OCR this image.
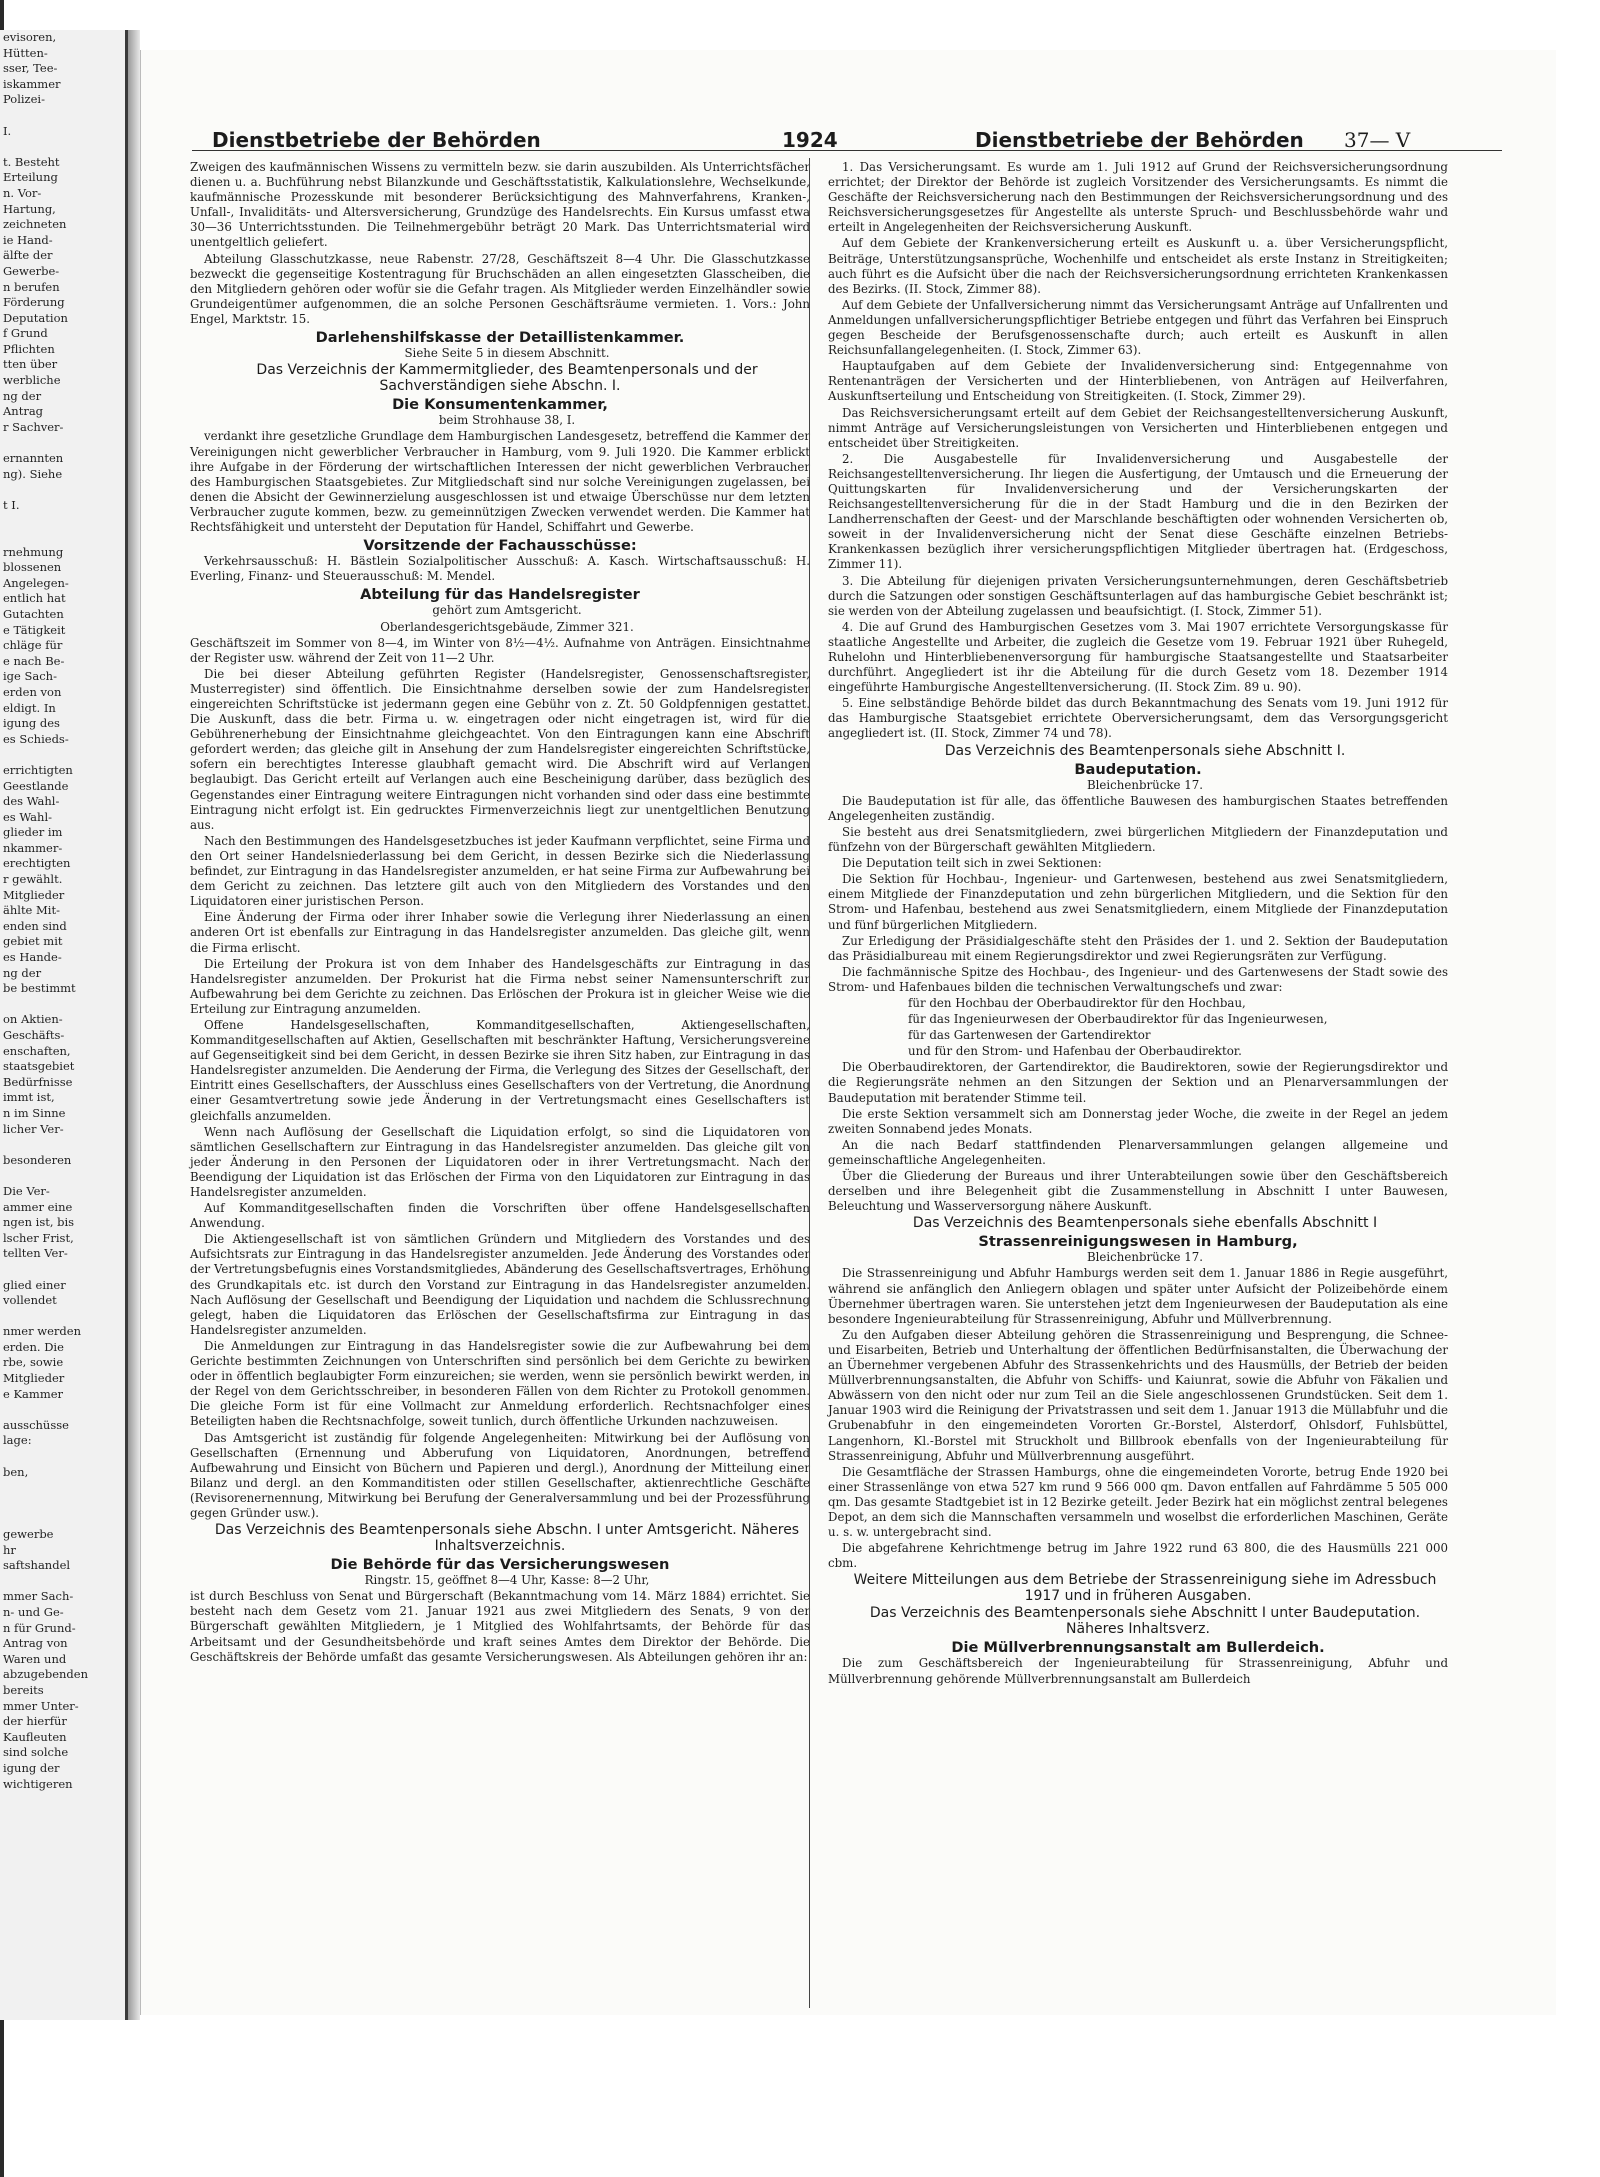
evisoren,
Hütten-
sser, Tee-
iskammer
Polizei-

I.

t. Besteht
Erteilung
n. Vor-
Hartung,
zeichneten
ie Hand-
älfte der
Gewerbe-
n berufen
Förderung
Deputation
f Grund
Pflichten
tten über
werbliche
ng der
Antrag
r Sachver-

ernannten
ng). Siehe

t I.

rnehmung
blossenen
Angelegen-
entlich hat
Gutachten
e Tätigkeit
chläge für
e nach Be-
ige Sach-
erden von
eldigt. In
igung des
es Schieds-

errichtigten
Geestlande
des Wahl-
es Wahl-
glieder im
nkammer-
erechtigten
r gewählt.
Mitglieder
ählte Mit-
enden sind
gebiet mit
es Hande-
ng der
be bestimmt

on Aktien-
Geschäfts-
enschaften,
staatsgebiet
Bedürfnisse
immt ist,
n im Sinne
licher Ver-

besonderen

Die Ver-
ammer eine
ngen ist, bis
lscher Frist,
tellten Ver-

glied einer
vollendet

nmer werden
erden. Die
rbe, sowie
Mitglieder
e Kammer

ausschüsse
lage:

ben,

gewerbe
hr
saftshandel

mmer Sach-
n- und Ge-
n für Grund-
Antrag von
Waren und
abzugebenden
bereits
mmer Unter-
der hierfür
Kaufleuten
sind solche
igung der
wichtigeren
Dienstbetriebe der Behörden	1924	Dienstbetriebe der Behörden 37— V

Zweigen des kaufmännischen Wissens zu vermitteln bezw. sie darin auszubilden. Als Unterrichtsfächer dienen u. a. Buchführung nebst Bilanzkunde und Geschäftsstatistik, Kalkulationslehre, Wechselkunde, kaufmännische Prozesskunde mit besonderer Berücksichtigung des Mahnverfahrens, Kranken-, Unfall-, Invaliditäts- und Altersversicherung, Grundzüge des Handelsrechts. Ein Kursus umfasst etwa 30—36 Unterrichtsstunden. Die Teilnehmergebühr beträgt 20 Mark. Das Unterrichtsmaterial wird unentgeltlich geliefert.

Abteilung Glasschutzkasse, neue Rabenstr. 27/28, Geschäftszeit 8—4 Uhr. Die Glasschutzkasse bezweckt die gegenseitige Kostentragung für Bruchschäden an allen eingesetzten Glasscheiben, die den Mitgliedern gehören oder wofür sie die Gefahr tragen. Als Mitglieder werden Einzelhändler sowie Grundeigentümer aufgenommen, die an solche Personen Geschäftsräume vermieten. 1. Vors.: John Engel, Marktstr. 15.

Darlehenshilfskasse der Detaillistenkammer.

Siehe Seite 5 in diesem Abschnitt.

Das Verzeichnis der Kammermitglieder, des Beamtenpersonals und der Sachverständigen siehe Abschn. I.

Die Konsumentenkammer,

beim Strohhause 38, I.

verdankt ihre gesetzliche Grundlage dem Hamburgischen Landesgesetz, betreffend die Kammer der Vereinigungen nicht gewerblicher Verbraucher in Hamburg, vom 9. Juli 1920. Die Kammer erblickt ihre Aufgabe in der Förderung der wirtschaftlichen Interessen der nicht gewerblichen Verbraucher des Hamburgischen Staatsgebietes. Zur Mitgliedschaft sind nur solche Vereinigungen zugelassen, bei denen die Absicht der Gewinnerzielung ausgeschlossen ist und etwaige Überschüsse nur dem letzten Verbraucher zugute kommen, bezw. zu gemeinnützigen Zwecken verwendet werden. Die Kammer hat Rechtsfähigkeit und untersteht der Deputation für Handel, Schiffahrt und Gewerbe.

Vorsitzende der Fachausschüsse:

Verkehrsausschuß: H. Bästlein Sozialpolitischer Ausschuß: A. Kasch. Wirtschaftsausschuß: H. Everling, Finanz- und Steuerausschuß: M. Mendel.

Abteilung für das Handelsregister

gehört zum Amtsgericht.

Oberlandesgerichtsgebäude, Zimmer 321.

Geschäftszeit im Sommer von 8—4, im Winter von 8½—4½. Aufnahme von Anträgen. Einsichtnahme der Register usw. während der Zeit von 11—2 Uhr.

Die bei dieser Abteilung geführten Register (Handelsregister, Genossenschaftsregister, Musterregister) sind öffentlich. Die Einsichtnahme derselben sowie der zum Handelsregister eingereichten Schriftstücke ist jedermann gegen eine Gebühr von z. Zt. 50 Goldpfennigen gestattet. Die Auskunft, dass die betr. Firma u. w. eingetragen oder nicht eingetragen ist, wird für die Gebührenerhebung der Einsichtnahme gleichgeachtet. Von den Eintragungen kann eine Abschrift gefordert werden; das gleiche gilt in Ansehung der zum Handelsregister eingereichten Schriftstücke, sofern ein berechtigtes Interesse glaubhaft gemacht wird. Die Abschrift wird auf Verlangen beglaubigt. Das Gericht erteilt auf Verlangen auch eine Bescheinigung darüber, dass bezüglich des Gegenstandes einer Eintragung weitere Eintragungen nicht vorhanden sind oder dass eine bestimmte Eintragung nicht erfolgt ist. Ein gedrucktes Firmenverzeichnis liegt zur unentgeltlichen Benutzung aus.

Nach den Bestimmungen des Handelsgesetzbuches ist jeder Kaufmann verpflichtet, seine Firma und den Ort seiner Handelsniederlassung bei dem Gericht, in dessen Bezirke sich die Niederlassung befindet, zur Eintragung in das Handelsregister anzumelden, er hat seine Firma zur Aufbewahrung bei dem Gericht zu zeichnen. Das letztere gilt auch von den Mitgliedern des Vorstandes und den Liquidatoren einer juristischen Person.

Eine Änderung der Firma oder ihrer Inhaber sowie die Verlegung ihrer Niederlassung an einen anderen Ort ist ebenfalls zur Eintragung in das Handelsregister anzumelden. Das gleiche gilt, wenn die Firma erlischt.

Die Erteilung der Prokura ist von dem Inhaber des Handelsgeschäfts zur Eintragung in das Handelsregister anzumelden. Der Prokurist hat die Firma nebst seiner Namensunterschrift zur Aufbewahrung bei dem Gerichte zu zeichnen. Das Erlöschen der Prokura ist in gleicher Weise wie die Erteilung zur Eintragung anzumelden.

Offene Handelsgesellschaften, Kommanditgesellschaften, Aktiengesellschaften, Kommanditgesellschaften auf Aktien, Gesellschaften mit beschränkter Haftung, Versicherungsvereine auf Gegenseitigkeit sind bei dem Gericht, in dessen Bezirke sie ihren Sitz haben, zur Eintragung in das Handelsregister anzumelden. Die Aenderung der Firma, die Verlegung des Sitzes der Gesellschaft, der Eintritt eines Gesellschafters, der Ausschluss eines Gesellschafters von der Vertretung, die Anordnung einer Gesamtvertretung sowie jede Änderung in der Vertretungsmacht eines Gesellschafters ist gleichfalls anzumelden.

Wenn nach Auflösung der Gesellschaft die Liquidation erfolgt, so sind die Liquidatoren von sämtlichen Gesellschaftern zur Eintragung in das Handelsregister anzumelden. Das gleiche gilt von jeder Änderung in den Personen der Liquidatoren oder in ihrer Vertretungsmacht. Nach der Beendigung der Liquidation ist das Erlöschen der Firma von den Liquidatoren zur Eintragung in das Handelsregister anzumelden.

Auf Kommanditgesellschaften finden die Vorschriften über offene Handelsgesellschaften Anwendung.

Die Aktiengesellschaft ist von sämtlichen Gründern und Mitgliedern des Vorstandes und des Aufsichtsrats zur Eintragung in das Handelsregister anzumelden. Jede Änderung des Vorstandes oder der Vertretungsbefugnis eines Vorstandsmitgliedes, Abänderung des Gesellschaftsvertrages, Erhöhung des Grundkapitals etc. ist durch den Vorstand zur Eintragung in das Handelsregister anzumelden. Nach Auflösung der Gesellschaft und Beendigung der Liquidation und nachdem die Schlussrechnung gelegt, haben die Liquidatoren das Erlöschen der Gesellschaftsfirma zur Eintragung in das Handelsregister anzumelden.

Die Anmeldungen zur Eintragung in das Handelsregister sowie die zur Aufbewahrung bei dem Gerichte bestimmten Zeichnungen von Unterschriften sind persönlich bei dem Gerichte zu bewirken oder in öffentlich beglaubigter Form einzureichen; sie werden, wenn sie persönlich bewirkt werden, in der Regel von dem Gerichtsschreiber, in besonderen Fällen von dem Richter zu Protokoll genommen. Die gleiche Form ist für eine Vollmacht zur Anmeldung erforderlich. Rechtsnachfolger eines Beteiligten haben die Rechtsnachfolge, soweit tunlich, durch öffentliche Urkunden nachzuweisen.

Das Amtsgericht ist zuständig für folgende Angelegenheiten: Mitwirkung bei der Auflösung von Gesellschaften (Ernennung und Abberufung von Liquidatoren, Anordnungen, betreffend Aufbewahrung und Einsicht von Büchern und Papieren und dergl.), Anordnung der Mitteilung einer Bilanz und dergl. an den Kommanditisten oder stillen Gesellschafter, aktienrechtliche Geschäfte (Revisorenernennung, Mitwirkung bei Berufung der Generalversammlung und bei der Prozessführung gegen Gründer usw.).

Das Verzeichnis des Beamtenpersonals siehe Abschn. I unter Amtsgericht. Näheres Inhaltsverzeichnis.

Die Behörde für das Versicherungswesen

Ringstr. 15, geöffnet 8—4 Uhr, Kasse: 8—2 Uhr,

ist durch Beschluss von Senat und Bürgerschaft (Bekanntmachung vom 14. März 1884) errichtet. Sie besteht nach dem Gesetz vom 21. Januar 1921 aus zwei Mitgliedern des Senats, 9 von der Bürgerschaft gewählten Mitgliedern, je 1 Mitglied des Wohlfahrtsamts, der Behörde für das Arbeitsamt und der Gesundheitsbehörde und kraft seines Amtes dem Direktor der Behörde. Die Geschäftskreis der Behörde umfaßt das gesamte Versicherungswesen. Als Abteilungen gehören ihr an:

1. Das Versicherungsamt. Es wurde am 1. Juli 1912 auf Grund der Reichsversicherungsordnung errichtet; der Direktor der Behörde ist zugleich Vorsitzender des Versicherungsamts. Es nimmt die Geschäfte der Reichsversicherung nach den Bestimmungen der Reichsversicherungsordnung und des Reichsversicherungsgesetzes für Angestellte als unterste Spruch- und Beschlussbehörde wahr und erteilt in Angelegenheiten der Reichsversicherung Auskunft.

Auf dem Gebiete der Krankenversicherung erteilt es Auskunft u. a. über Versicherungspflicht, Beiträge, Unterstützungsansprüche, Wochenhilfe und entscheidet als erste Instanz in Streitigkeiten; auch führt es die Aufsicht über die nach der Reichsversicherungsordnung errichteten Krankenkassen des Bezirks. (II. Stock, Zimmer 88).

Auf dem Gebiete der Unfallversicherung nimmt das Versicherungsamt Anträge auf Unfallrenten und Anmeldungen unfallversicherungspflichtiger Betriebe entgegen und führt das Verfahren bei Einspruch gegen Bescheide der Berufsgenossenschafte durch; auch erteilt es Auskunft in allen Reichsunfallangelegenheiten. (I. Stock, Zimmer 63).

Hauptaufgaben auf dem Gebiete der Invalidenversicherung sind: Entgegennahme von Rentenanträgen der Versicherten und der Hinterbliebenen, von Anträgen auf Heilverfahren, Auskunftserteilung und Entscheidung von Streitigkeiten. (I. Stock, Zimmer 29).

Das Reichsversicherungsamt erteilt auf dem Gebiet der Reichsangestelltenversicherung Auskunft, nimmt Anträge auf Versicherungsleistungen von Versicherten und Hinterbliebenen entgegen und entscheidet über Streitigkeiten.

2. Die Ausgabestelle für Invalidenversicherung und Ausgabestelle der Reichsangestelltenversicherung. Ihr liegen die Ausfertigung, der Umtausch und die Erneuerung der Quittungskarten für Invalidenversicherung und der Versicherungskarten der Reichsangestelltenversicherung für die in der Stadt Hamburg und die in den Bezirken der Landherrenschaften der Geest- und der Marschlande beschäftigten oder wohnenden Versicherten ob, soweit in der Invalidenversicherung nicht der Senat diese Geschäfte einzelnen Betriebs-Krankenkassen bezüglich ihrer versicherungspflichtigen Mitglieder übertragen hat. (Erdgeschoss, Zimmer 11).

3. Die Abteilung für diejenigen privaten Versicherungsunternehmungen, deren Geschäftsbetrieb durch die Satzungen oder sonstigen Geschäftsunterlagen auf das hamburgische Gebiet beschränkt ist; sie werden von der Abteilung zugelassen und beaufsichtigt. (I. Stock, Zimmer 51).

4. Die auf Grund des Hamburgischen Gesetzes vom 3. Mai 1907 errichtete Versorgungskasse für staatliche Angestellte und Arbeiter, die zugleich die Gesetze vom 19. Februar 1921 über Ruhegeld, Ruhelohn und Hinterbliebenenversorgung für hamburgische Staatsangestellte und Staatsarbeiter durchführt. Angegliedert ist ihr die Abteilung für die durch Gesetz vom 18. Dezember 1914 eingeführte Hamburgische Angestelltenversicherung. (II. Stock Zim. 89 u. 90).

5. Eine selbständige Behörde bildet das durch Bekanntmachung des Senats vom 19. Juni 1912 für das Hamburgische Staatsgebiet errichtete Oberversicherungsamt, dem das Versorgungsgericht angegliedert ist. (II. Stock, Zimmer 74 und 78).

Das Verzeichnis des Beamtenpersonals siehe Abschnitt I.

Baudeputation.

Bleichenbrücke 17.

Die Baudeputation ist für alle, das öffentliche Bauwesen des hamburgischen Staates betreffenden Angelegenheiten zuständig.

Sie besteht aus drei Senatsmitgliedern, zwei bürgerlichen Mitgliedern der Finanzdeputation und fünfzehn von der Bürgerschaft gewählten Mitgliedern.

Die Deputation teilt sich in zwei Sektionen:

Die Sektion für Hochbau-, Ingenieur- und Gartenwesen, bestehend aus zwei Senatsmitgliedern, einem Mitgliede der Finanzdeputation und zehn bürgerlichen Mitgliedern, und die Sektion für den Strom- und Hafenbau, bestehend aus zwei Senatsmitgliedern, einem Mitgliede der Finanzdeputation und fünf bürgerlichen Mitgliedern.

Zur Erledigung der Präsidialgeschäfte steht den Präsides der 1. und 2. Sektion der Baudeputation das Präsidialbureau mit einem Regierungsdirektor und zwei Regierungsräten zur Verfügung.

Die fachmännische Spitze des Hochbau-, des Ingenieur- und des Gartenwesens der Stadt sowie des Strom- und Hafenbaues bilden die technischen Verwaltungschefs und zwar:

für den Hochbau der Oberbaudirektor für den Hochbau,

für das Ingenieurwesen der Oberbaudirektor für das Ingenieurwesen,

für das Gartenwesen der Gartendirektor

und für den Strom- und Hafenbau der Oberbaudirektor.

Die Oberbaudirektoren, der Gartendirektor, die Baudirektoren, sowie der Regierungsdirektor und die Regierungsräte nehmen an den Sitzungen der Sektion und an Plenarversammlungen der Baudeputation mit beratender Stimme teil.

Die erste Sektion versammelt sich am Donnerstag jeder Woche, die zweite in der Regel an jedem zweiten Sonnabend jedes Monats.

An die nach Bedarf stattfindenden Plenarversammlungen gelangen allgemeine und gemeinschaftliche Angelegenheiten.

Über die Gliederung der Bureaus und ihrer Unterabteilungen sowie über den Geschäftsbereich derselben und ihre Belegenheit gibt die Zusammenstellung in Abschnitt I unter Bauwesen, Beleuchtung und Wasserversorgung nähere Auskunft.

Das Verzeichnis des Beamtenpersonals siehe ebenfalls Abschnitt I

Strassenreinigungswesen in Hamburg,

Bleichenbrücke 17.

Die Strassenreinigung und Abfuhr Hamburgs werden seit dem 1. Januar 1886 in Regie ausgeführt, während sie anfänglich den Anliegern oblagen und später unter Aufsicht der Polizeibehörde einem Übernehmer übertragen waren. Sie unterstehen jetzt dem Ingenieurwesen der Baudeputation als eine besondere Ingenieurabteilung für Strassenreinigung, Abfuhr und Müllverbrennung.

Zu den Aufgaben dieser Abteilung gehören die Strassenreinigung und Besprengung, die Schnee- und Eisarbeiten, Betrieb und Unterhaltung der öffentlichen Bedürfnisanstalten, die Überwachung der an Übernehmer vergebenen Abfuhr des Strassenkehrichts und des Hausmülls, der Betrieb der beiden Müllverbrennungsanstalten, die Abfuhr von Schiffs- und Kaiunrat, sowie die Abfuhr von Fäkalien und Abwässern von den nicht oder nur zum Teil an die Siele angeschlossenen Grundstücken. Seit dem 1. Januar 1903 wird die Reinigung der Privatstrassen und seit dem 1. Januar 1913 die Müllabfuhr und die Grubenabfuhr in den eingemeindeten Vororten Gr.-Borstel, Alsterdorf, Ohlsdorf, Fuhlsbüttel, Langenhorn, Kl.-Borstel mit Struckholt und Billbrook ebenfalls von der Ingenieurabteilung für Strassenreinigung, Abfuhr und Müllverbrennung ausgeführt.

Die Gesamtfläche der Strassen Hamburgs, ohne die eingemeindeten Vororte, betrug Ende 1920 bei einer Strassenlänge von etwa 527 km rund 9 566 000 qm. Davon entfallen auf Fahrdämme 5 505 000 qm. Das gesamte Stadtgebiet ist in 12 Bezirke geteilt. Jeder Bezirk hat ein möglichst zentral belegenes Depot, an dem sich die Mannschaften versammeln und woselbst die erforderlichen Maschinen, Geräte u. s. w. untergebracht sind.

Die abgefahrene Kehrichtmenge betrug im Jahre 1922 rund 63 800, die des Hausmülls 221 000 cbm.

Weitere Mitteilungen aus dem Betriebe der Strassenreinigung siehe im Adressbuch 1917 und in früheren Ausgaben.

Das Verzeichnis des Beamtenpersonals siehe Abschnitt I unter Baudeputation. Näheres Inhaltsverz.

Die Müllverbrennungsanstalt am Bullerdeich.

Die zum Geschäftsbereich der Ingenieurabteilung für Strassenreinigung, Abfuhr und Müllverbrennung gehörende Müllverbrennungsanstalt am Bullerdeich
